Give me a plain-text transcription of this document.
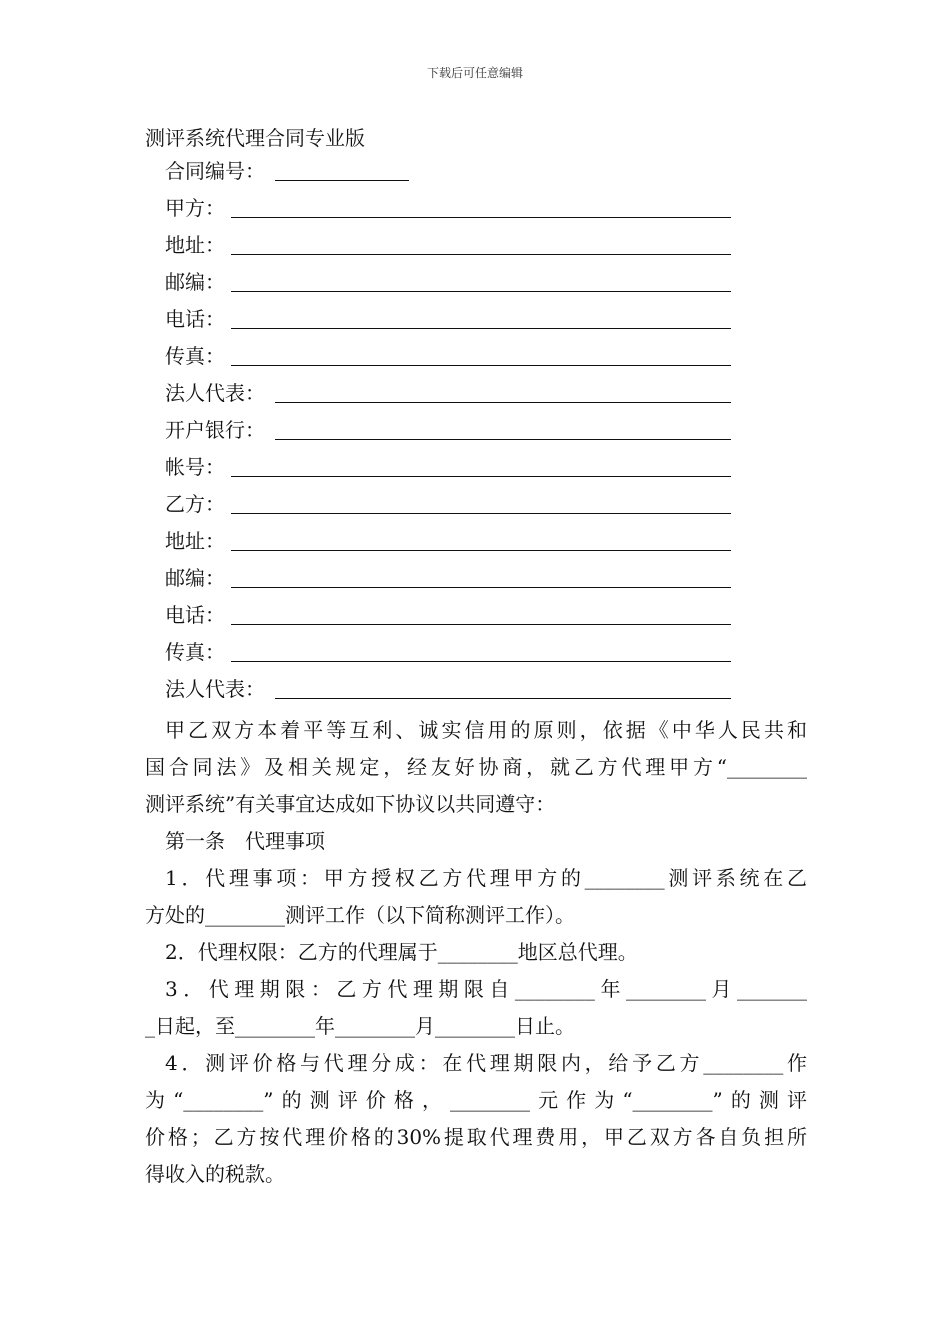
下载后可任意编辑
测评系统代理合同专业版
合同编号：
甲方：
地址：
邮编：
电话：
传真：
法人代表：
开户银行：
帐号：
乙方：
地址：
邮编：
电话：
传真：
法人代表：
甲乙双方本着平等互利、诚实信用的原则，依据《中华人民共和
国合同法》及相关规定，经友好协商，就乙方代理甲方“________
测评系统”有关事宜达成如下协议以共同遵守：
第一条　代理事项
1．代理事项：甲方授权乙方代理甲方的________测评系统在乙
方处的________测评工作（以下简称测评工作）。
2．代理权限：乙方的代理属于________地区总代理。
3．代理期限：乙方代理期限自________年________月_______
_日起，至________年________月________日止。
4．测评价格与代理分成：在代理期限内，给予乙方________作
为“________”的测评价格，________元作为“________”的测评
价格；乙方按代理价格的30%提取代理费用，甲乙双方各自负担所
得收入的税款。
